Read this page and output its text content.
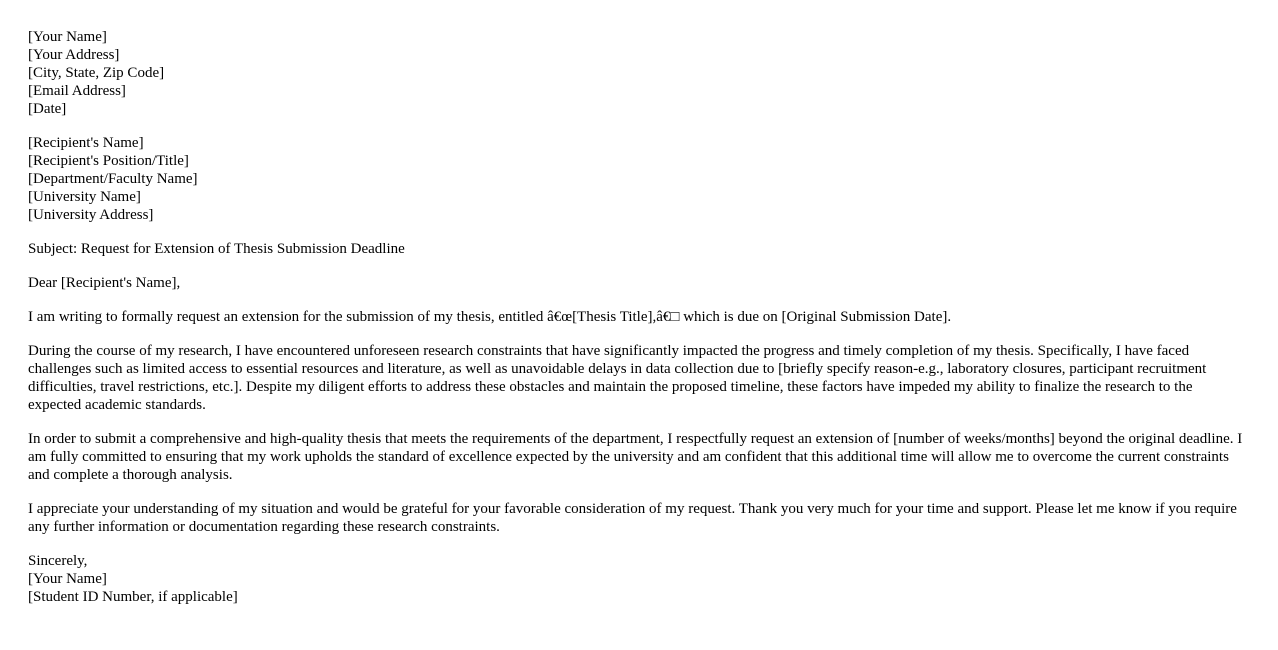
[Your Name]
[Your Address]
[City, State, Zip Code]
[Email Address]
[Date]
[Recipient's Name]
[Recipient's Position/Title]
[Department/Faculty Name]
[University Name]
[University Address]
Subject: Request for Extension of Thesis Submission Deadline
Dear [Recipient's Name],

I am writing to formally request an extension for the submission of my thesis, entitled â€œ[Thesis Title],â€□ which is due on [Original Submission Date].

During the course of my research, I have encountered unforeseen research constraints that have significantly impacted the progress and timely completion of my thesis. Specifically, I have faced challenges such as limited access to essential resources and literature, as well as unavoidable delays in data collection due to [briefly specify reason-e.g., laboratory closures, participant recruitment difficulties, travel restrictions, etc.]. Despite my diligent efforts to address these obstacles and maintain the proposed timeline, these factors have impeded my ability to finalize the research to the expected academic standards.

In order to submit a comprehensive and high-quality thesis that meets the requirements of the department, I respectfully request an extension of [number of weeks/months] beyond the original deadline. I am fully committed to ensuring that my work upholds the standard of excellence expected by the university and am confident that this additional time will allow me to overcome the current constraints and complete a thorough analysis.

I appreciate your understanding of my situation and would be grateful for your favorable consideration of my request. Thank you very much for your time and support. Please let me know if you require any further information or documentation regarding these research constraints.

Sincerely,
[Your Name]
[Student ID Number, if applicable]
